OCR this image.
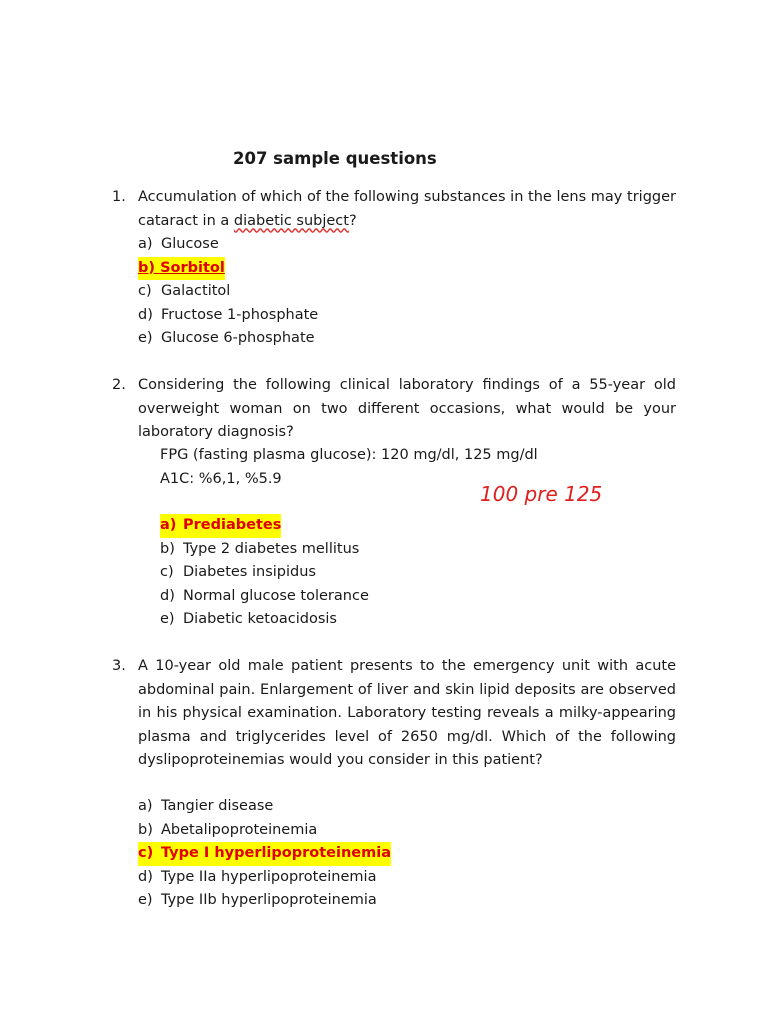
207 sample questions
1. Accumulation of which of the following substances in the lens may trigger cataract in a diabetic subject?
a) Glucose
b) Sorbitol
c) Galactitol
d) Fructose 1-phosphate
e) Glucose 6-phosphate
2. Considering the following clinical laboratory findings of a 55-year old overweight woman on two different occasions, what would be your laboratory diagnosis?
FPG (fasting plasma glucose): 120 mg/dl, 125 mg/dl
A1C: %6,1, %5.9
100 pre 125
a) Prediabetes
b) Type 2 diabetes mellitus
c) Diabetes insipidus
d) Normal glucose tolerance
e) Diabetic ketoacidosis
3. A 10-year old male patient presents to the emergency unit with acute abdominal pain. Enlargement of liver and skin lipid deposits are observed in his physical examination. Laboratory testing reveals a milky-appearing plasma and triglycerides level of 2650 mg/dl. Which of the following dyslipoproteinemias would you consider in this patient?
a) Tangier disease
b) Abetalipoproteinemia
c) Type I hyperlipoproteinemia
d) Type IIa hyperlipoproteinemia
e) Type IIb hyperlipoproteinemia
